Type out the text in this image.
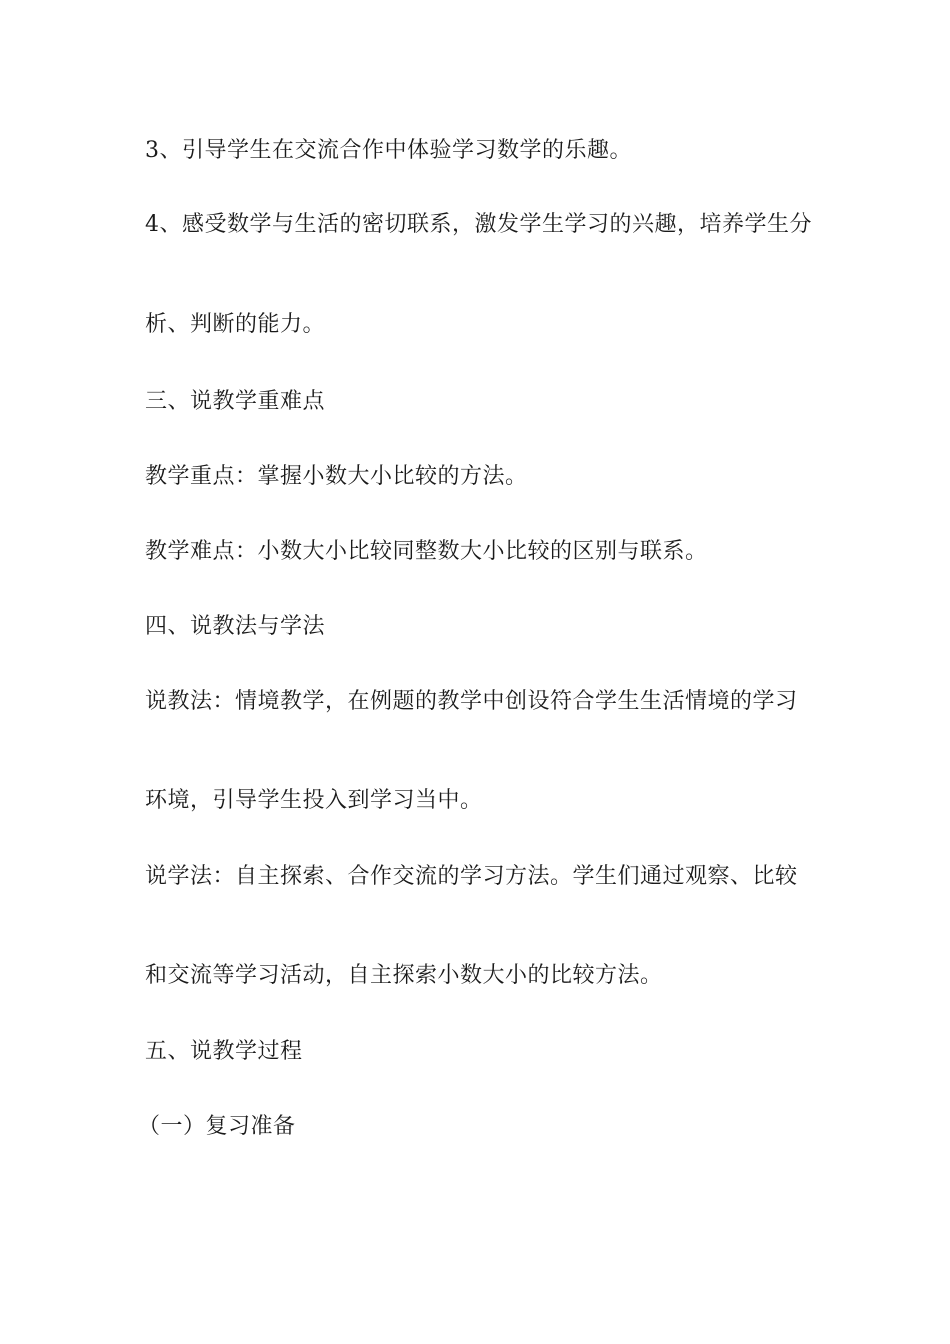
3、引导学生在交流合作中体验学习数学的乐趣。
4、感受数学与生活的密切联系，激发学生学习的兴趣，培养学生分
析、判断的能力。
三、说教学重难点
教学重点：掌握小数大小比较的方法。
教学难点：小数大小比较同整数大小比较的区别与联系。
四、说教法与学法
说教法：情境教学，在例题的教学中创设符合学生生活情境的学习
环境，引导学生投入到学习当中。
说学法：自主探索、合作交流的学习方法。学生们通过观察、比较
和交流等学习活动，自主探索小数大小的比较方法。
五、说教学过程
（一）复习准备
